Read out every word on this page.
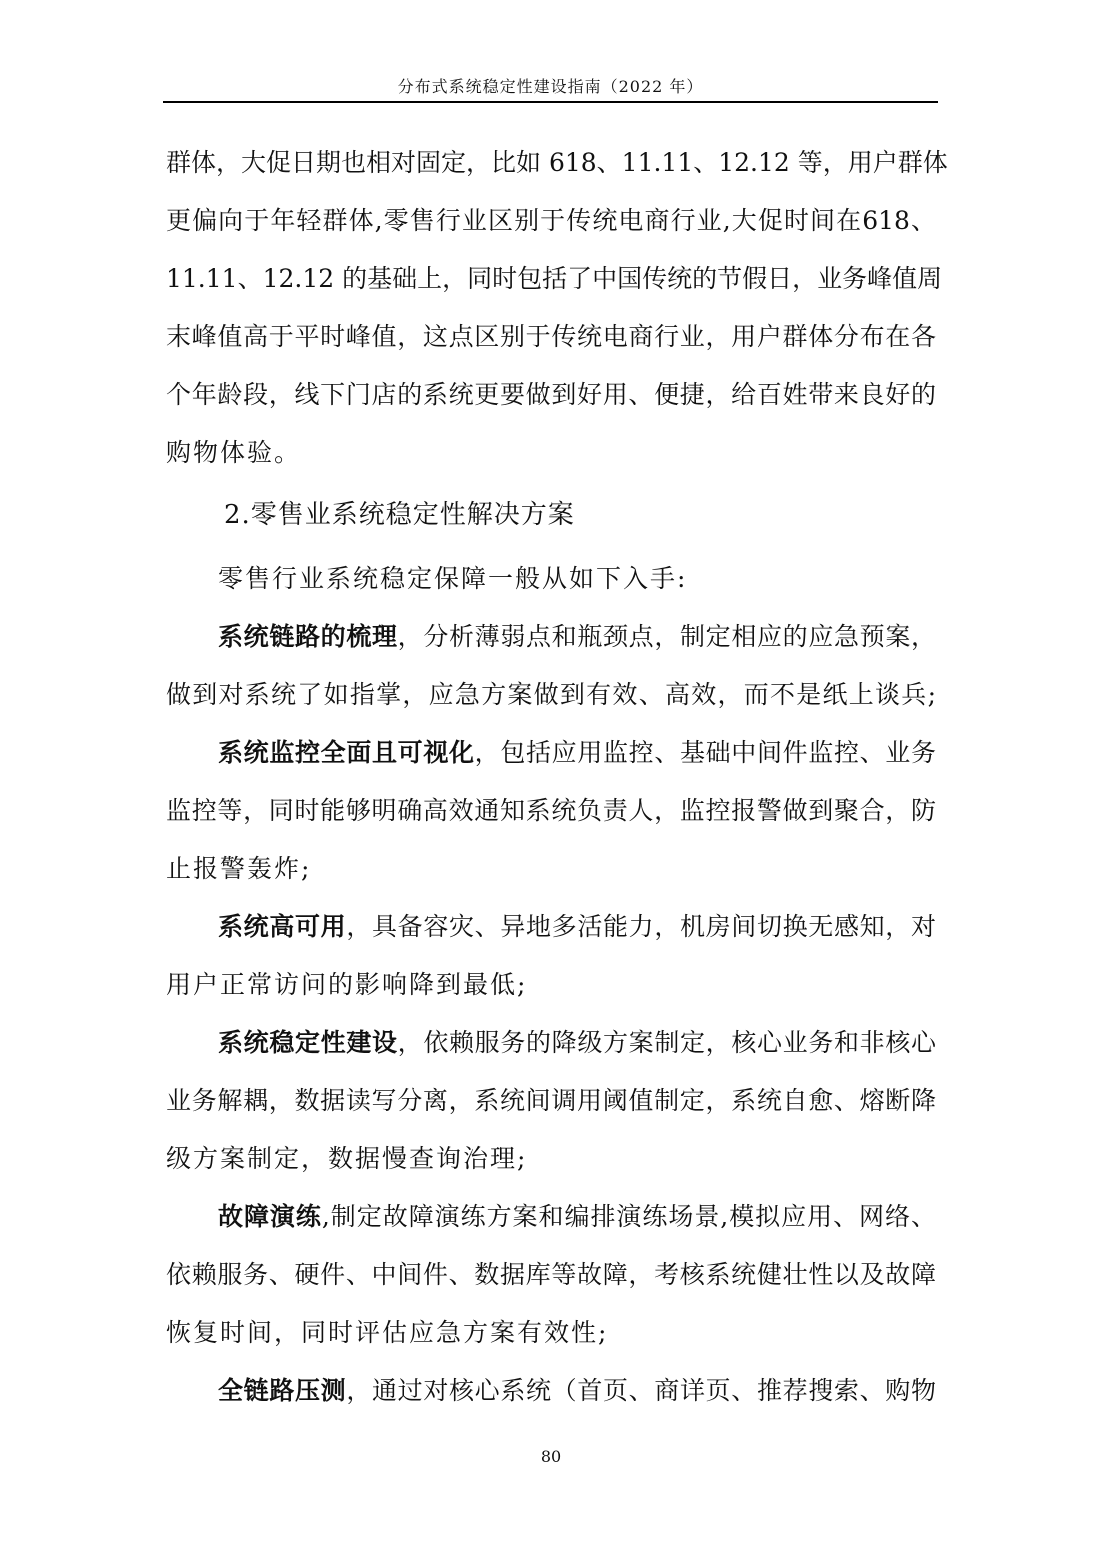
分布式系统稳定性建设指南（2022 年）
群体，大促日期也相对固定，比如 618、11.11、12.12 等，用户群体
更偏向于年轻群体,零售行业区别于传统电商行业,大促时间在618、
11.11、12.12 的基础上，同时包括了中国传统的节假日，业务峰值周
末峰值高于平时峰值，这点区别于传统电商行业，用户群体分布在各
个年龄段，线下门店的系统更要做到好用、便捷，给百姓带来良好的
购物体验。
2.零售业系统稳定性解决方案
零售行业系统稳定保障一般从如下入手:
系统链路的梳理，分析薄弱点和瓶颈点，制定相应的应急预案，
做到对系统了如指掌，应急方案做到有效、高效，而不是纸上谈兵;
系统监控全面且可视化，包括应用监控、基础中间件监控、业务
监控等，同时能够明确高效通知系统负责人，监控报警做到聚合，防
止报警轰炸;
系统高可用，具备容灾、异地多活能力，机房间切换无感知，对
用户正常访问的影响降到最低;
系统稳定性建设，依赖服务的降级方案制定，核心业务和非核心
业务解耦，数据读写分离，系统间调用阈值制定，系统自愈、熔断降
级方案制定，数据慢查询治理;
故障演练,制定故障演练方案和编排演练场景,模拟应用、网络、
依赖服务、硬件、中间件、数据库等故障，考核系统健壮性以及故障
恢复时间，同时评估应急方案有效性;
全链路压测，通过对核心系统（首页、商详页、推荐搜索、购物
80
